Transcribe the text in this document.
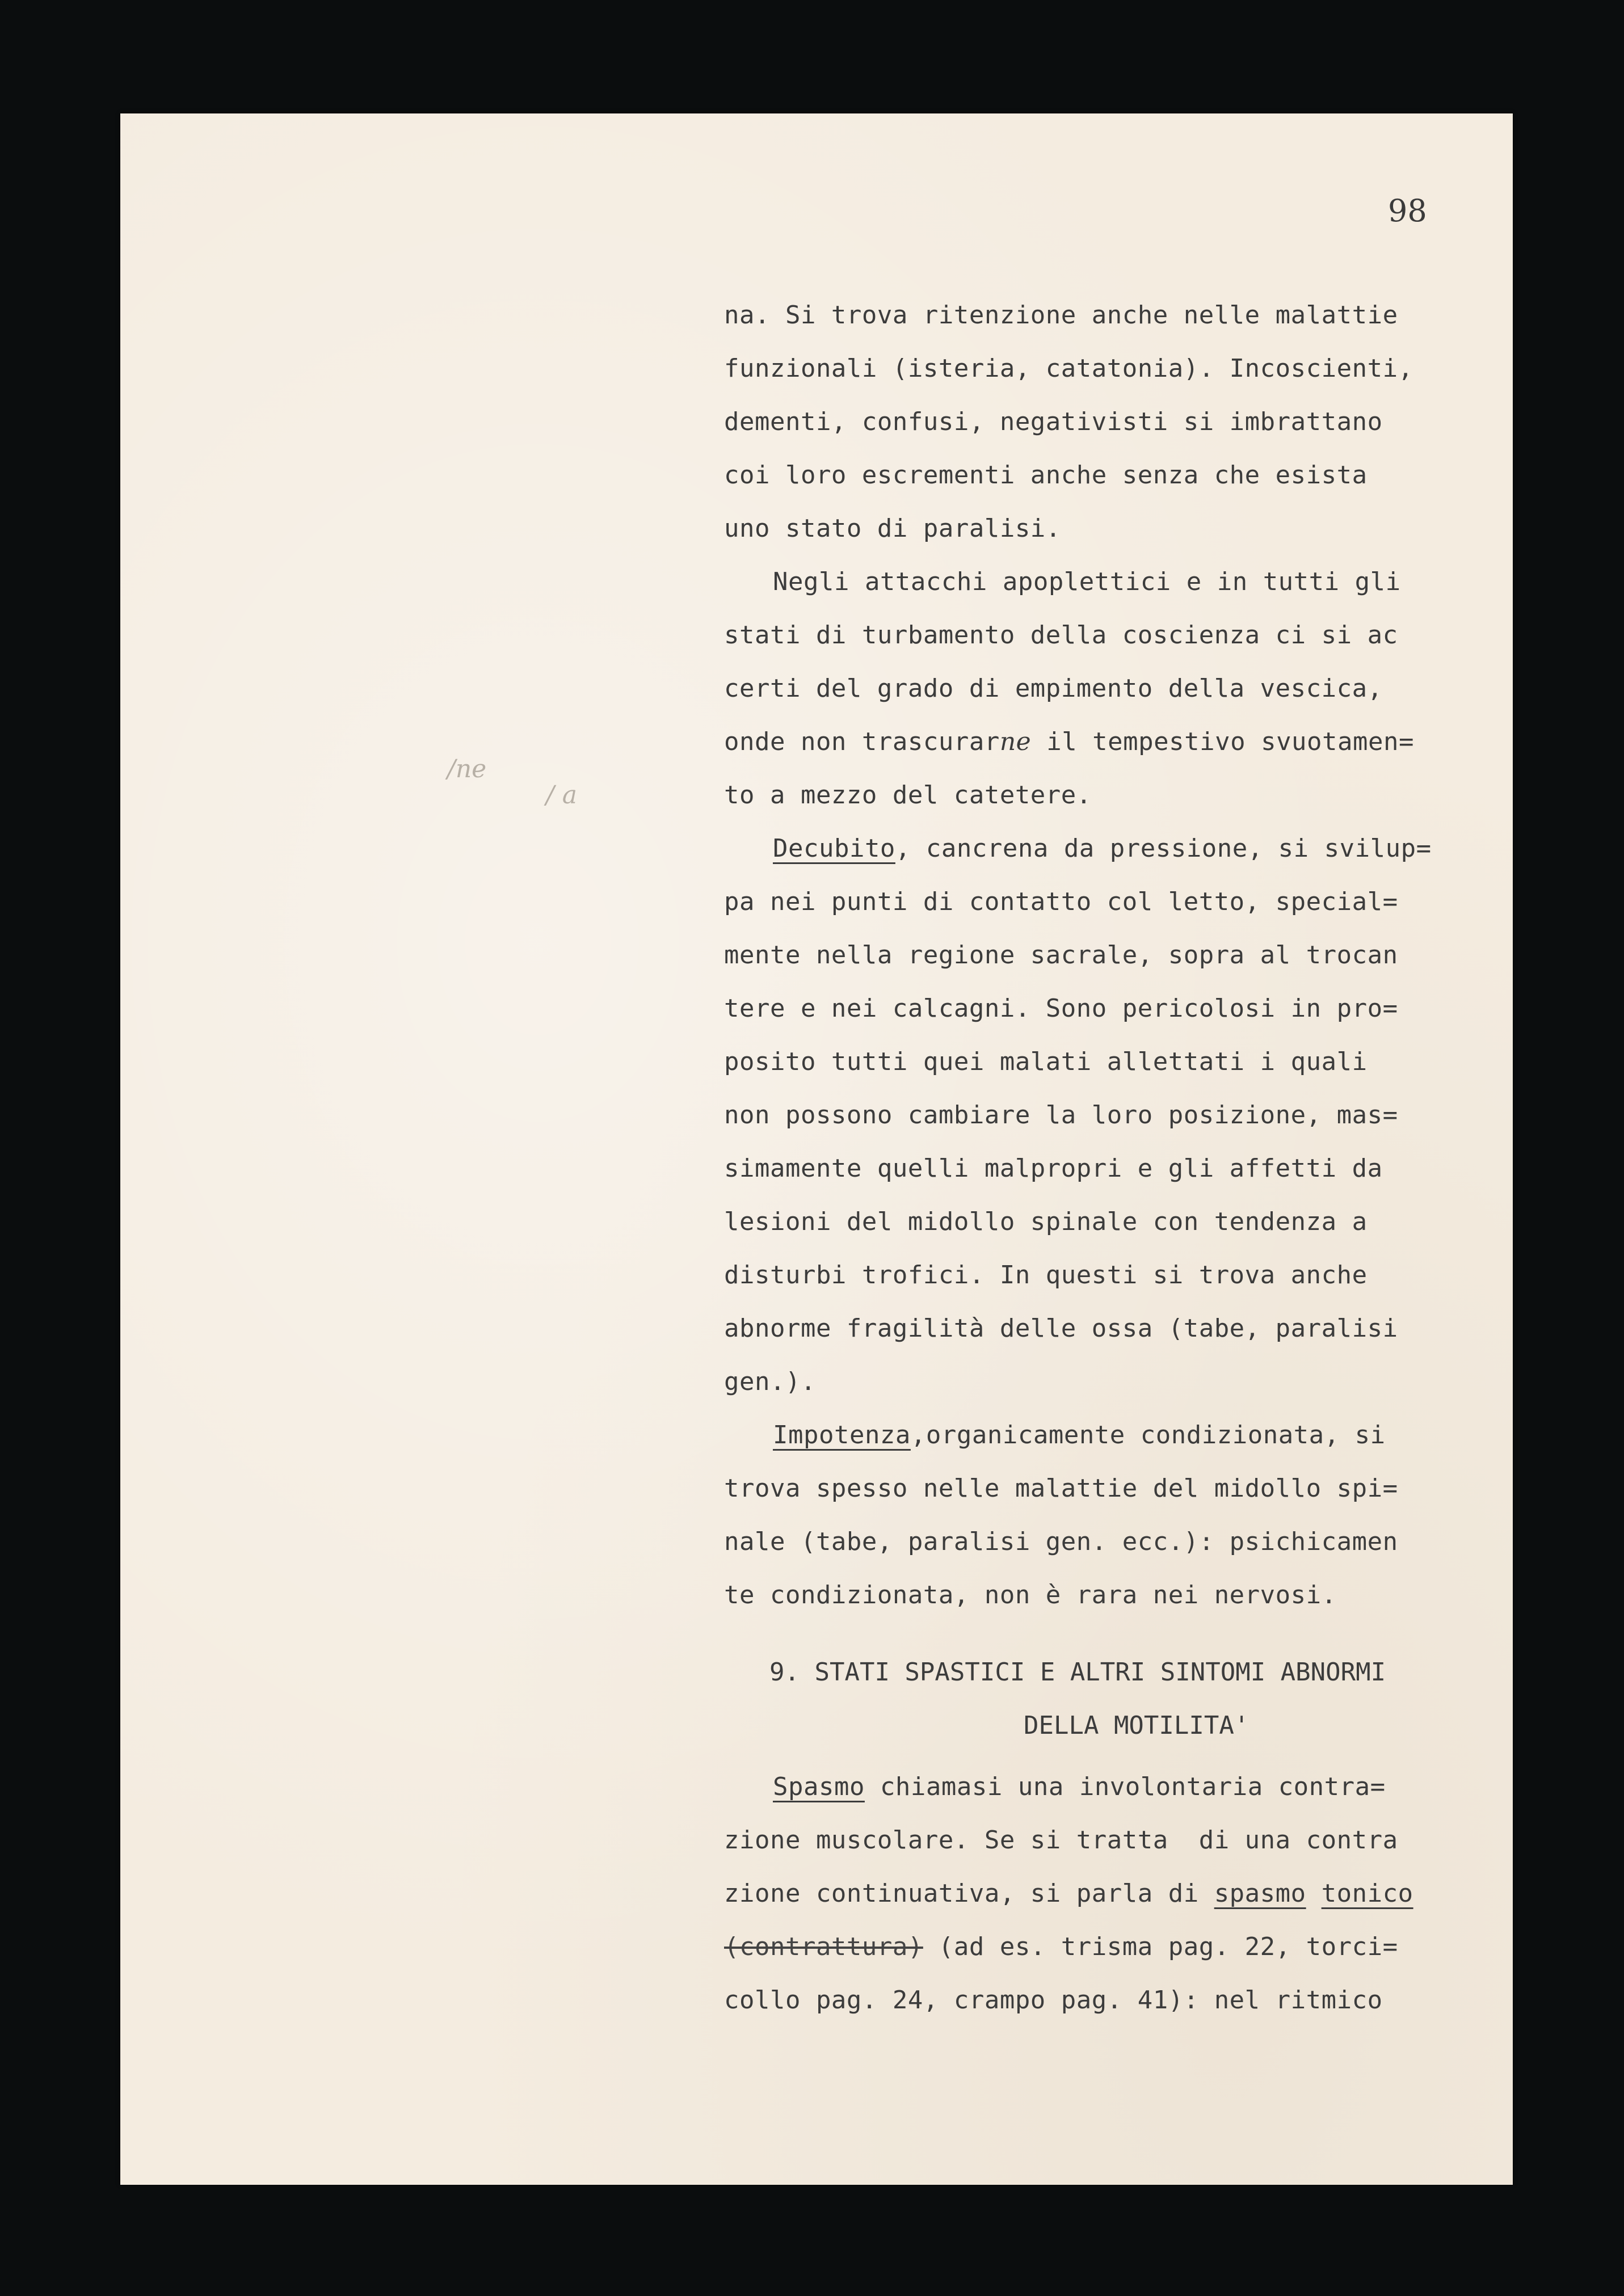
98
/ne
/ a
na. Si trova ritenzione anche nelle malattie
funzionali (isteria, catatonia). Incoscienti,
dementi, confusi, negativisti si imbrattano
coi loro escrementi anche senza che esista
uno stato di paralisi.
Negli attacchi apoplettici e in tutti gli
stati di turbamento della coscienza ci si ac
certi del grado di empimento della vescica,
onde non trascurarne il tempestivo svuotamen=
to a mezzo del catetere.
Decubito, cancrena da pressione, si svilup=
pa nei punti di contatto col letto, special=
mente nella regione sacrale, sopra al trocan
tere e nei calcagni. Sono pericolosi in pro=
posito tutti quei malati allettati i quali
non possono cambiare la loro posizione, mas=
simamente quelli malpropri e gli affetti da
lesioni del midollo spinale con tendenza a
disturbi trofici. In questi si trova anche
abnorme fragilità delle ossa (tabe, paralisi
gen.).
Impotenza,organicamente condizionata, si
trova spesso nelle malattie del midollo spi=
nale (tabe, paralisi gen. ecc.): psichicamen
te condizionata, non è rara nei nervosi.
9. STATI SPASTICI E ALTRI SINTOMI ABNORMI
DELLA MOTILITA'
Spasmo chiamasi una involontaria contra=
zione muscolare. Se si tratta  di una contra
zione continuativa, si parla di spasmo tonico
(contrattura) (ad es. trisma pag. 22, torci=
collo pag. 24, crampo pag. 41): nel ritmico
